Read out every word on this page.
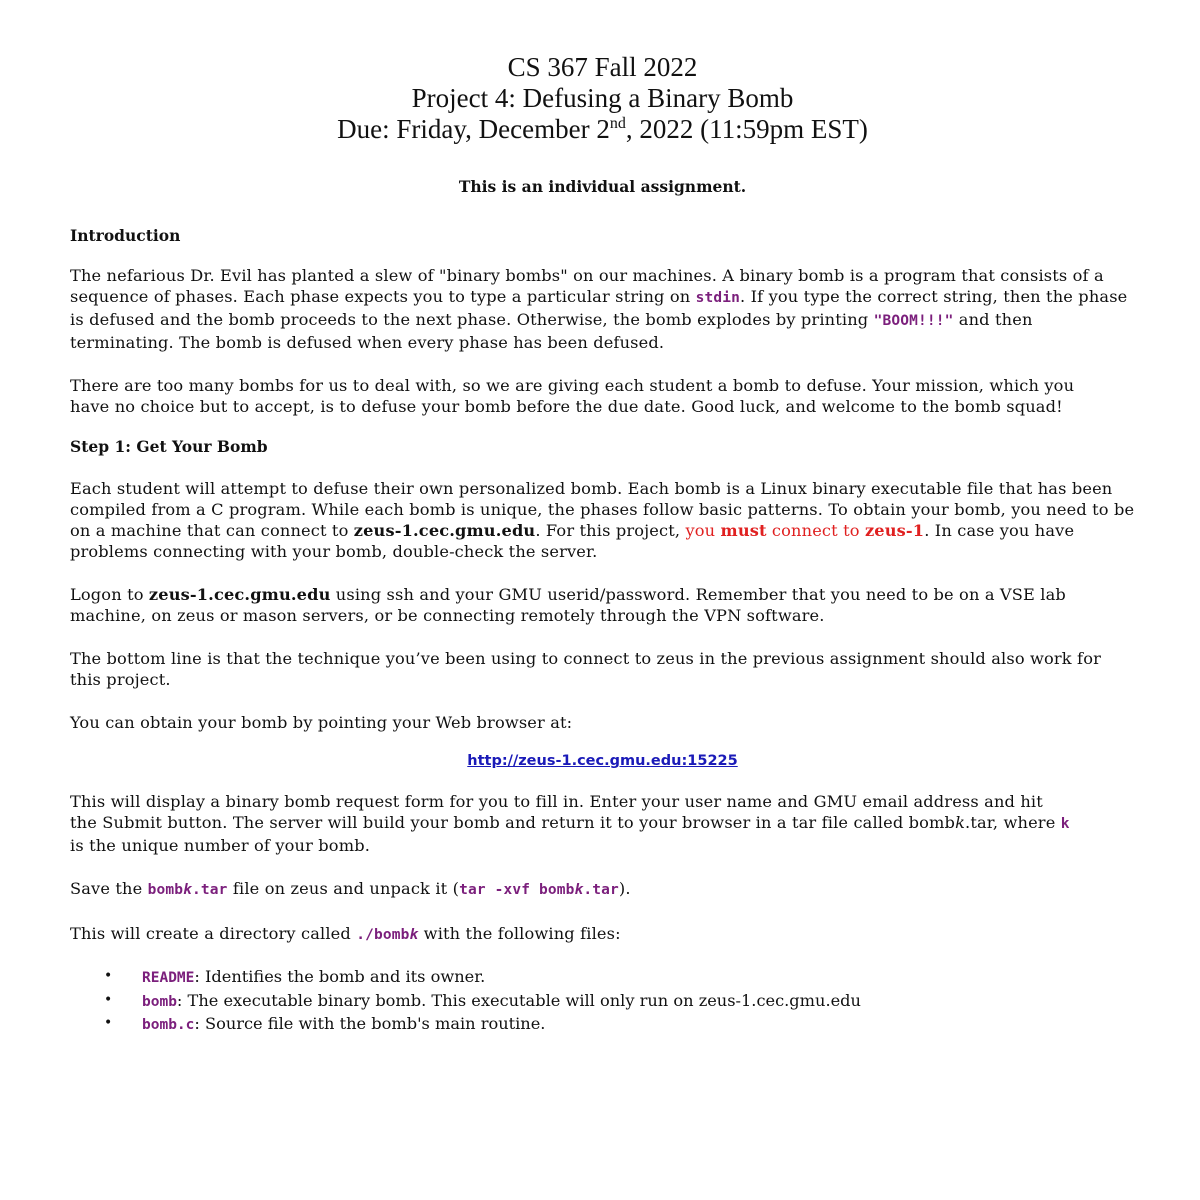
CS 367 Fall 2022
Project 4: Defusing a Binary Bomb
Due: Friday, December 2nd, 2022 (11:59pm EST)
This is an individual assignment.
Introduction

The nefarious Dr. Evil has planted a slew of "binary bombs" on our machines. A binary bomb is a program that consists of a sequence of phases. Each phase expects you to type a particular string on stdin. If you type the correct string, then the phase is defused and the bomb proceeds to the next phase. Otherwise, the bomb explodes by printing "BOOM!!!" and then terminating. The bomb is defused when every phase has been defused.

There are too many bombs for us to deal with, so we are giving each student a bomb to defuse. Your mission, which you have no choice but to accept, is to defuse your bomb before the due date. Good luck, and welcome to the bomb squad!

Step 1: Get Your Bomb

Each student will attempt to defuse their own personalized bomb. Each bomb is a Linux binary executable file that has been compiled from a C program. While each bomb is unique, the phases follow basic patterns. To obtain your bomb, you need to be on a machine that can connect to zeus-1.cec.gmu.edu. For this project, you must connect to zeus-1. In case you have problems connecting with your bomb, double-check the server.

Logon to zeus-1.cec.gmu.edu using ssh and your GMU userid/password. Remember that you need to be on a VSE lab machine, on zeus or mason servers, or be connecting remotely through the VPN software.

The bottom line is that the technique you’ve been using to connect to zeus in the previous assignment should also work for this project.

You can obtain your bomb by pointing your Web browser at:

http://zeus-1.cec.gmu.edu:15225

This will display a binary bomb request form for you to fill in. Enter your user name and GMU email address and hit the Submit button. The server will build your bomb and return it to your browser in a tar file called bombk.tar, where k is the unique number of your bomb.

Save the bombk.tar file on zeus and unpack it (tar -xvf bombk.tar).

This will create a directory called ./bombk with the following files:

• README: Identifies the bomb and its owner.
• bomb: The executable binary bomb. This executable will only run on zeus-1.cec.gmu.edu
• bomb.c: Source file with the bomb's main routine.
